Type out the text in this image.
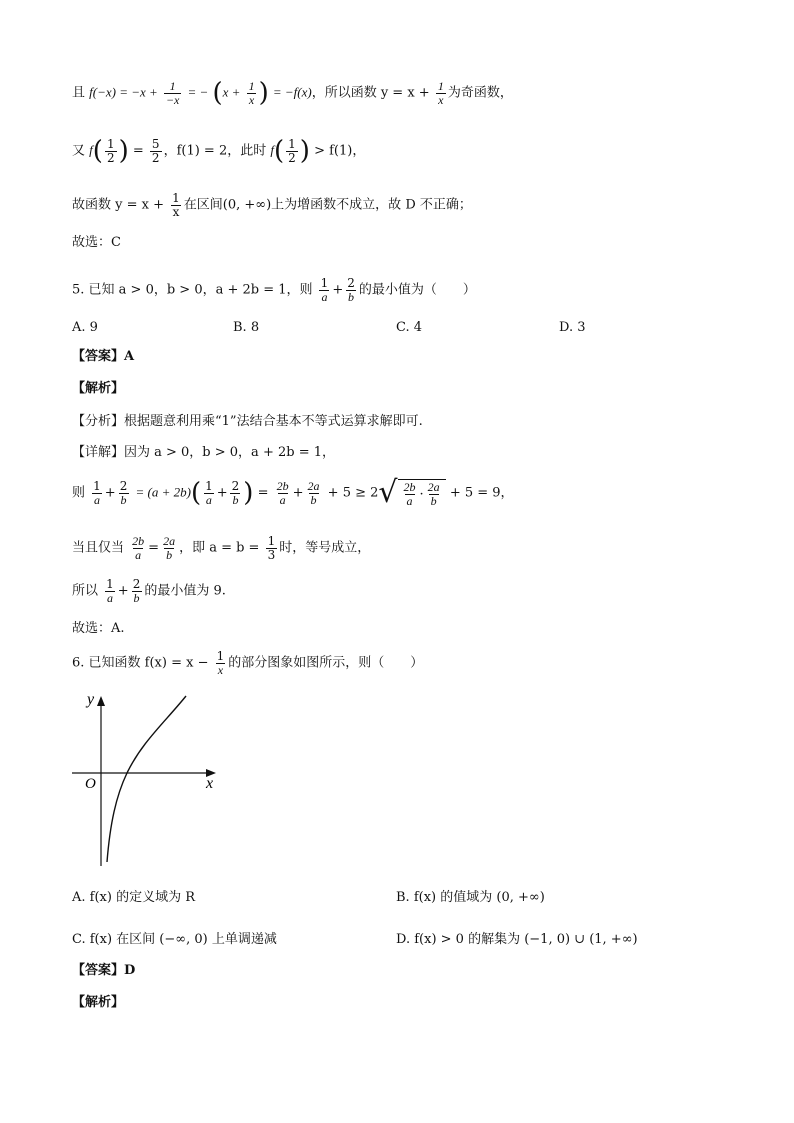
且 $f(-x) = -x + \frac{1}{-x}$ = − ($x + \frac{1}{x}$ ) = −f(x)，所以函数 $y = x + \frac{1}{x}$ 为奇函数，
又 $f( \frac{1}{2}$ ) = $\frac{5}{2}$ ，f(1) = 2，此时 $f( \frac{1}{2}$ ) > f(1)，
故函数 $y = x + \frac{1}{x}$ 在区间(0, +∞)上为增函数不成立，故 D 不正确；
故选：C
5. 已知 a > 0，b > 0，a + 2b = 1，则 $\frac{1}{a} + \frac{2}{b}$ 的最小值为（　　）
A. 9	B. 8	C. 4	D. 3
【答案】A
【解析】
【分析】根据题意利用乘“1”法结合基本不等式运算求解即可.
【详解】因为 a > 0，b > 0，a + 2b = 1，
则 $\frac{1}{a} + \frac{2}{b} = (a + 2b)( \frac{1}{a} + \frac{2}{b}$ ) = $\frac{2b}{a} + \frac{2a}{b} + 5 \ge 2$ √ $\frac{2b}{a} \cdot \frac{2a}{b} + 5 = 9$，
当且仅当 $\frac{2b}{a} = \frac{2a}{b}$ ，即 $a = b = \frac{1}{3}$ 时，等号成立，
所以 $\frac{1}{a} + \frac{2}{b}$ 的最小值为 9.
故选：A.
6. 已知函数 $f(x) = x - \frac{1}{x}$ 的部分图象如图所示，则（　　）
y
x
O
A. f(x) 的定义域为 R	B. f(x) 的值域为 (0, +∞)
C. f(x) 在区间 (−∞, 0) 上单调递减	D. f(x) > 0 的解集为 (−1, 0) ∪ (1, +∞)
【答案】D
【解析】
